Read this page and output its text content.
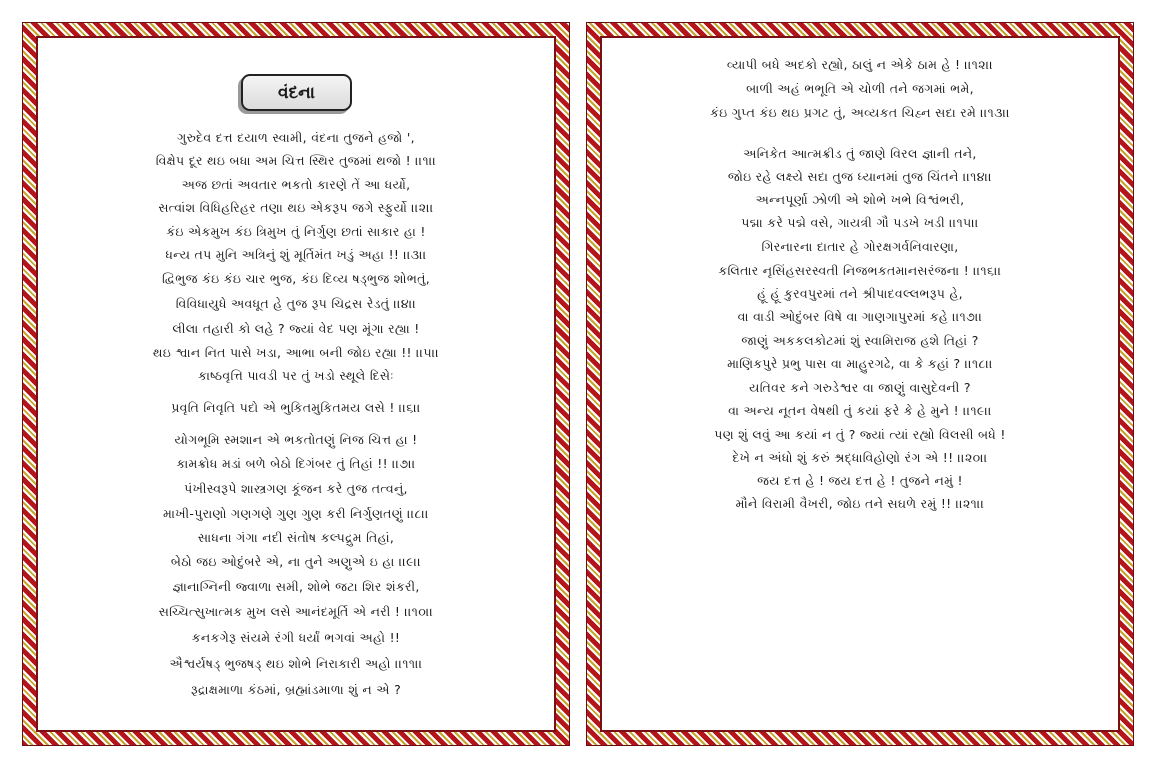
વંદના
ગુરુદેવ દત્ત દયાળ સ્વામી, વંદના તુજને હજો ',
વિક્ષેપ દૂર થઇ બધા અમ ચિત્ત સ્થિર તુજમાં થજો ! ।।૧।।
અજ છતાં અવતાર ભકતો કારણે તેં આ ધર્યો,
સત્વાંશ વિધિહરિહર તણા થઇ એકરૂપ જગે સ્ફુર્યો ।।૨।।
કંઇ એકમુખ કંઇ ત્રિમુખ તું નિર્ગુણ છતાં સાકાર હા !
ધન્ય તપ મુનિ અત્રિનું શું મૂર્તિમંત ખડું અહા !! ।।૩।।
દ્વિભુજ કંઇ કંઇ ચાર ભુજ, કંઇ દિવ્ય ષડ્ભુજ શોભતું,
વિવિધાયુધે અવધૂત હે તુજ રૂપ ચિદ્રસ રેડતું ।।૪।।
લીલા તહારી કો લહે ? જ્યાં વેદ પણ મૂંગા રહ્યા !
થઇ શ્વાન નિત પાસે ખડા, આભા બની જોઇ રહ્યા !! ।।૫।।
કાષ્ઠવૃત્તિ પાવડી પર તું ખડો સ્થૂલે દિસેઃ
પ્રવૃતિ નિવૃતિ પદો એ ભુકિતમુકિતમય લસે ! ।।૬।।
યોગભૂમિ સ્મશાન એ ભકતોતણું નિજ ચિત્ત હા !
કામક્રોધ મડાં બળે બેઠો દિગંબર તું તિહાં !! ।।૭।।
પંખીસ્વરૂપે શાસ્ત્રગણ કૂંજન કરે તુજ તત્વનું,
માખી-પુરાણો ગણગણે ગુણ ગુણ કરી નિર્ગુણતણું ।।૮।।
સાધના ગંગા નદી સંતોષ કલ્પદ્રુમ તિહાં,
બેઠો જઇ ઓદુંબરે એ, ના તુને અણુએ ઇ હા ।।૯।।
જ્ઞાનાગ્નિની જ્વાળા સમી, શોભે જટા શિર શંકરી,
સચ્ચિત્સુખાત્મક મુખ લસે આનંદમૂર્તિ એ નરી ! ।।૧૦।।
કનકગેરૂ સંયમે રંગી ધર્યાં ભગવાં અહો !!
ઐશ્વર્યષડ્ ભુજષડ્ થઇ શોભે નિરાકારી અહો ।।૧૧।।
રૂદ્રાક્ષમાળા કંઠમાં, બ્રહ્માંડમાળા શું ન એ ?
વ્યાપી બધે અદકો રહ્યો, ઠાલું ન એકે ઠામ હે ! ।।૧૨।।
બાળી અહં ભભૂતિ એ ચોળી તને જગમાં ભમે,
કંઇ ગુપ્ત કંઇ થઇ પ્રગટ તું, અવ્યકત ચિહ્ન સદા રમે ।।૧૩।।
અનિકેત આત્મક્રીડ તું જાણે વિરલ જ્ઞાની તને,
જોઇ રહે લક્ષ્યે સદા તુજ ધ્યાનમાં તુજ ચિંતને ।।૧૪।।
અન્નપૂર્ણા ઝોળી એ શોભે ખભે વિશ્વંભરી,
પદ્મા કરે પદ્મે વસે, ગાયત્રી ગૌ પડખે ખડી ।।૧૫।।
ગિરનારના દાતાર હે ગોરક્ષગર્વનિવારણા,
કલિતાર નૃસિંહસરસ્વતી નિજભકતમાનસરંજના ! ।।૧૬।।
હૂં હૂં કુરવપુરમાં તને શ્રીપાદવલ્લભરૂપ હે,
વા વાડી ઓદુંબર વિષે વા ગાણગાપુરમાં કહે ।।૧૭।।
જાણું અકકલકોટમાં શું સ્વામિરાજ હશે તિહાં ?
માણિકપુરે પ્રભુ પાસ વા માહુરગઢે, વા કે કહાં ? ।।૧૮।।
યતિવર કને ગરુડેશ્વર વા જાણું વાસુદેવની ?
વા અન્ય નૂતન વેષથી તું કયાં ફરે કે હે મુને ! ।।૧૯।।
પણ શું લવું આ કયાં ન તું ? જ્યાં ત્યાં રહ્યો વિલસી બધે !
દેખે ન અંધો શું કરું શ્રદ્ધાવિહોણો રંગ એ !! ।।૨૦।।
જય દત્ત હે ! જય દત્ત હે ! તુજને નમું !
મૌને વિરામી વૈખરી, જોઇ તને સઘળે રમું !! ।।૨૧।।
